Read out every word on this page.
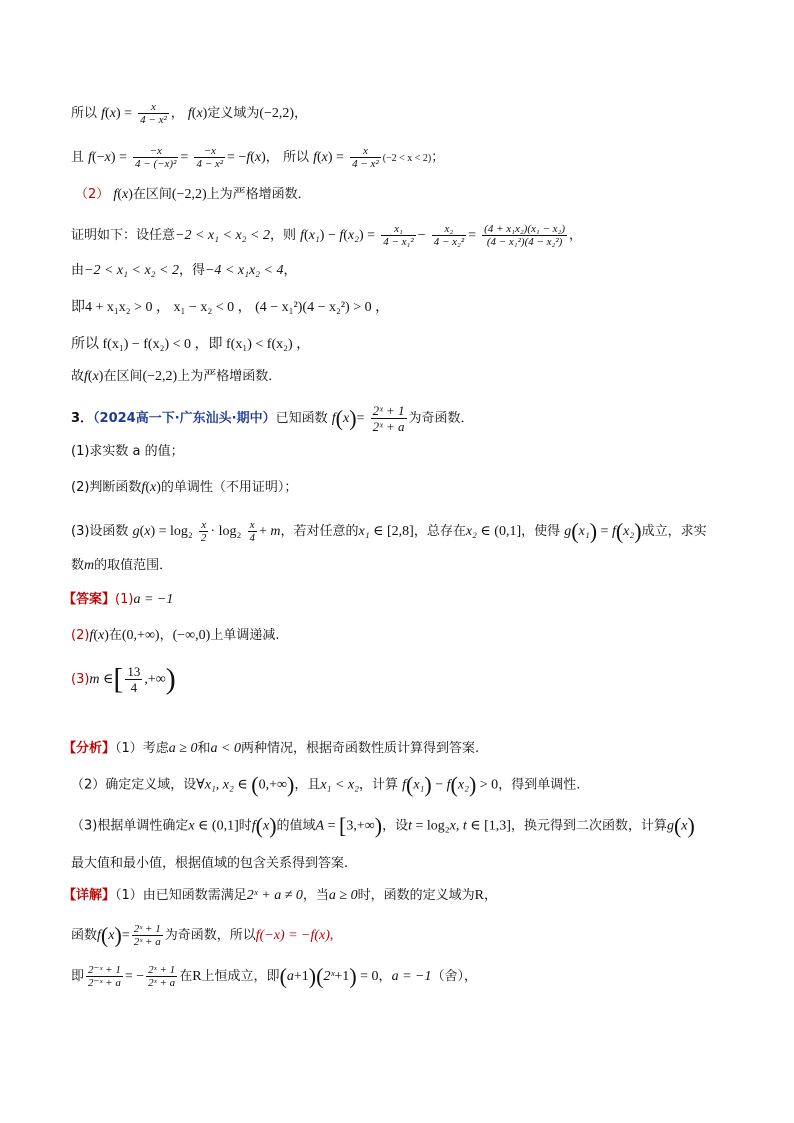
所以 $f(x) = \frac{x}{\text{4 − x²}}$ ， f(x)定义域为(−2,2)，
且 $f(-x) = \frac{-x}{\text{4 − (−x)²}} = \frac{-x}{\text{4 − x²}} = -f(x)$， 所以 $f(x) = \frac{x}{\text{4 − x²}} (-2 < x < 2)$；
（2） f(x)在区间(−2,2)上为严格增函数．
证明如下：设任意−2 < x₁ < x₂ < 2，则 $f(x_1) - f(x_2) = \frac{\text{x₁}}{\text{4 − x₁²}} - \frac{\text{x₂}}{\text{4 − x₂²}} = \frac{\text{(4 + x₁x₂)(x₁ − x₂)}}{\text{(4 − x₁²)(4 − x₂²)}}$ ，
由−2 < x₁ < x₂ < 2，得−4 < x₁x₂ < 4，
即4 + x₁x₂ > 0 ， x₁ − x₂ < 0 ， (4 − x₁²)(4 − x₂²) > 0 ，
所以 f(x₁) − f(x₂) < 0 ，即 f(x₁) < f(x₂) ，
故f(x)在区间(−2,2)上为严格增函数．
3．（2024高一下·广东汕头·期中）已知函数 $f(x)= \frac{\text{2ˣ + 1}}{\text{2ˣ + a}}$ 为奇函数．
(1)求实数 a 的值；
(2)判断函数f(x)的单调性（不用证明）；
(3)设函数 $g(x) = \log_2 \frac{x}{2} \cdot \log_2 \frac{x}{4} + m$，若对任意的x₁ ∈ [2,8]，总存在x₂ ∈ (0,1]，使得 g(x₁) = f(x₂)成立，求实
数m的取值范围．
【答案】(1)a = −1
(2)f(x)在(0,+∞)，(−∞,0)上单调递减.
(3)m ∈[ $\frac{13}{4}$ ,+∞)
【分析】（1）考虑a ≥ 0和a < 0两种情况，根据奇函数性质计算得到答案.
（2）确定定义域，设∀x₁, x₂ ∈ (0,+∞)，且x₁ < x₂，计算 f(x₁) − f(x₂) > 0，得到单调性.
（3)根据单调性确定x ∈ (0,1]时f(x)的值域A = [3,+∞)，设t = log₂x, t ∈ [1,3]，换元得到二次函数，计算g(x)
最大值和最小值，根据值域的包含关系得到答案.
【详解】（1）由已知函数需满足2ˣ + a ≠ 0，当a ≥ 0时，函数的定义域为R，
函数$f(x)= \frac{\text{2ˣ + 1}}{\text{2ˣ + a}}$ 为奇函数，所以f(−x) = −f(x),
即 $\frac{\text{2⁻ˣ + 1}}{\text{2⁻ˣ + a}}$ = − $\frac{\text{2ˣ + 1}}{\text{2ˣ + a}}$ 在R上恒成立，即(a+1)(2ˣ+1) = 0，a = −1（舍），
